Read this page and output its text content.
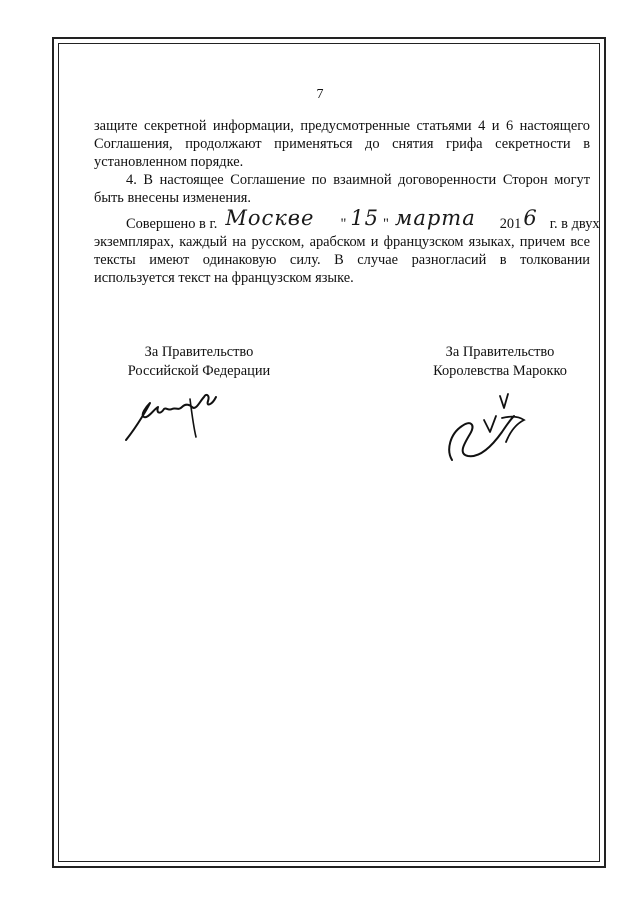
7
защите секретной информации, предусмотренные статьями 4 и 6 настоящего
Соглашения, продолжают применяться до снятия грифа секретности в
установленном порядке.
4. В настоящее Соглашение по взаимной договоренности Сторон могут
быть внесены изменения.
Совершено в г. Москве " 15 " марта 201 6 г. в двух
экземплярах, каждый на русском, арабском и французском языках, причем все
тексты имеют одинаковую силу. В случае разногласий в толковании
используется текст на французском языке.
За Правительство
Российской Федерации
За Правительство
Королевства Марокко
